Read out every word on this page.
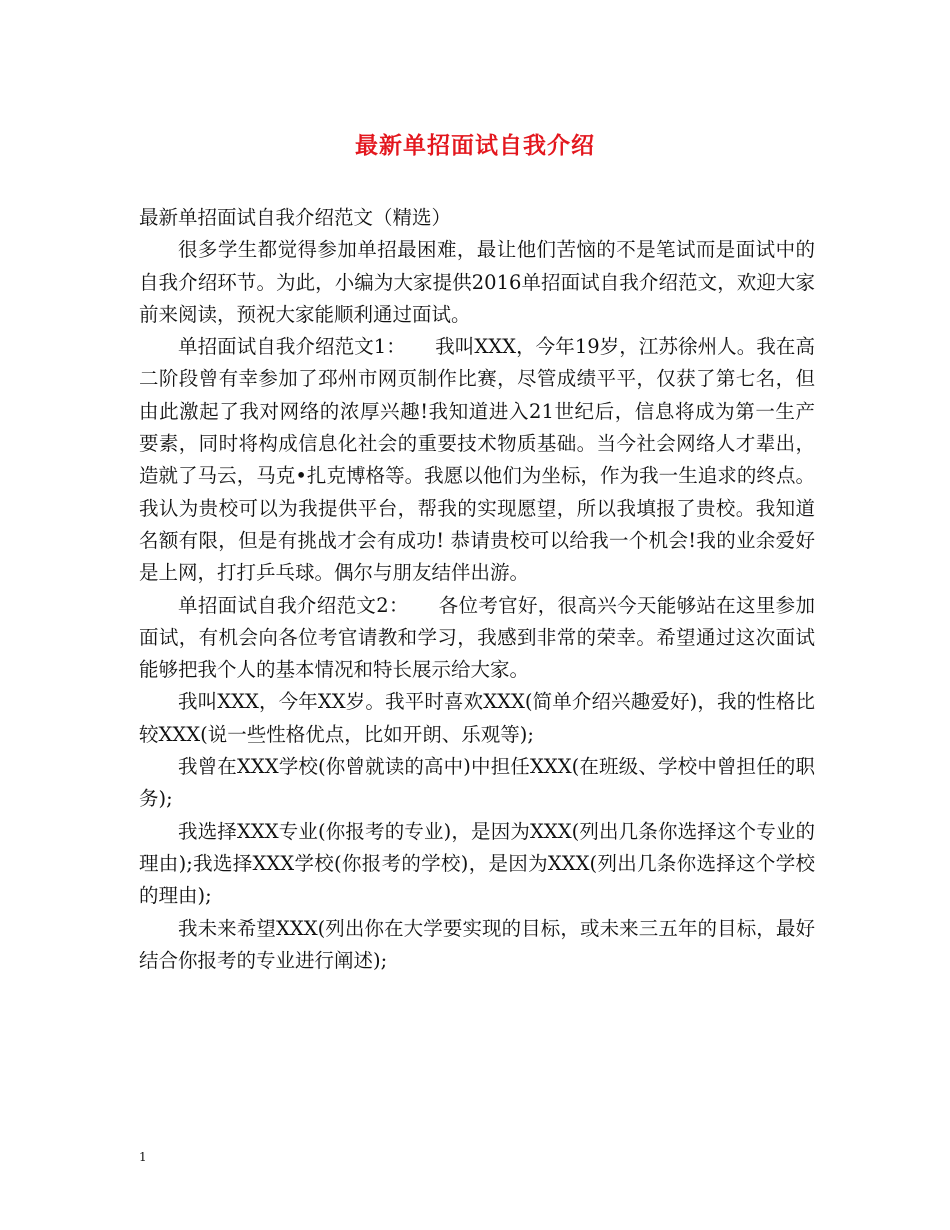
最新单招面试自我介绍

最新单招面试自我介绍范文（精选）

很多学生都觉得参加单招最困难，最让他们苦恼的不是笔试而是面试中的自我介绍环节。为此，小编为大家提供2016单招面试自我介绍范文，欢迎大家前来阅读，预祝大家能顺利通过面试。

单招面试自我介绍范文1：　　我叫XXX，今年19岁，江苏徐州人。我在高二阶段曾有幸参加了邳州市网页制作比赛，尽管成绩平平，仅获了第七名，但由此激起了我对网络的浓厚兴趣!我知道进入21世纪后，信息将成为第一生产要素，同时将构成信息化社会的重要技术物质基础。当今社会网络人才辈出，造就了马云，马克•扎克博格等。我愿以他们为坐标，作为我一生追求的终点。我认为贵校可以为我提供平台，帮我的实现愿望，所以我填报了贵校。我知道名额有限，但是有挑战才会有成功! 恭请贵校可以给我一个机会!我的业余爱好是上网，打打乒乓球。偶尔与朋友结伴出游。

单招面试自我介绍范文2：　　各位考官好，很高兴今天能够站在这里参加面试，有机会向各位考官请教和学习，我感到非常的荣幸。希望通过这次面试能够把我个人的基本情况和特长展示给大家。

我叫XXX，今年XX岁。我平时喜欢XXX(简单介绍兴趣爱好)，我的性格比较XXX(说一些性格优点，比如开朗、乐观等);

我曾在XXX学校(你曾就读的高中)中担任XXX(在班级、学校中曾担任的职务);

我选择XXX专业(你报考的专业)，是因为XXX(列出几条你选择这个专业的理由);我选择XXX学校(你报考的学校)，是因为XXX(列出几条你选择这个学校的理由);

我未来希望XXX(列出你在大学要实现的目标，或未来三五年的目标，最好结合你报考的专业进行阐述);

1
